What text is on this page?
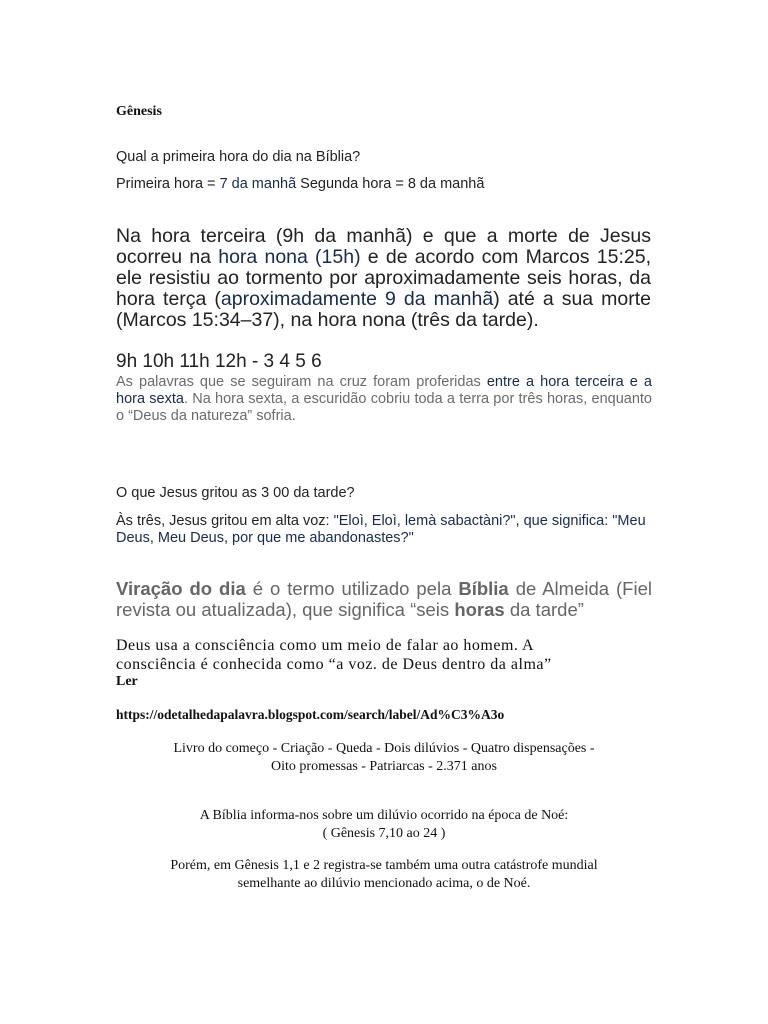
Gênesis
Qual a primeira hora do dia na Bíblia?
Primeira hora = 7 da manhã Segunda hora = 8 da manhã
Na hora terceira (9h da manhã) e que a morte de Jesus ocorreu na hora nona (15h) e de acordo com Marcos 15:25, ele resistiu ao tormento por aproximadamente seis horas, da hora terça (aproximadamente 9 da manhã) até a sua morte (Marcos 15:34–37), na hora nona (três da tarde).
9h 10h 11h 12h - 3 4 5 6
As palavras que se seguiram na cruz foram proferidas entre a hora terceira e a hora sexta. Na hora sexta, a escuridão cobriu toda a terra por três horas, enquanto o “Deus da natureza” sofria.
O que Jesus gritou as 3 00 da tarde?
Às três, Jesus gritou em alta voz: "Eloì, Eloì, lemà sabactàni?", que significa: "Meu Deus, Meu Deus, por que me abandonastes?"
Viração do dia é o termo utilizado pela Bíblia de Almeida (Fiel revista ou atualizada), que significa “seis horas da tarde”
Deus usa a consciência como um meio de falar ao homem. A consciência é conhecida como “a voz. de Deus dentro da alma”
Ler
https://odetalhedapalavra.blogspot.com/search/label/Ad%C3%A3o
Livro do começo - Criação - Queda - Dois dilúvios - Quatro dispensações -
Oito promessas - Patriarcas - 2.371 anos
A Bíblia informa-nos sobre um dilúvio ocorrido na época de Noé:
( Gênesis 7,10 ao 24 )
Porém, em Gênesis 1,1 e 2 registra-se também uma outra catástrofe mundial
semelhante ao dilúvio mencionado acima, o de Noé.
